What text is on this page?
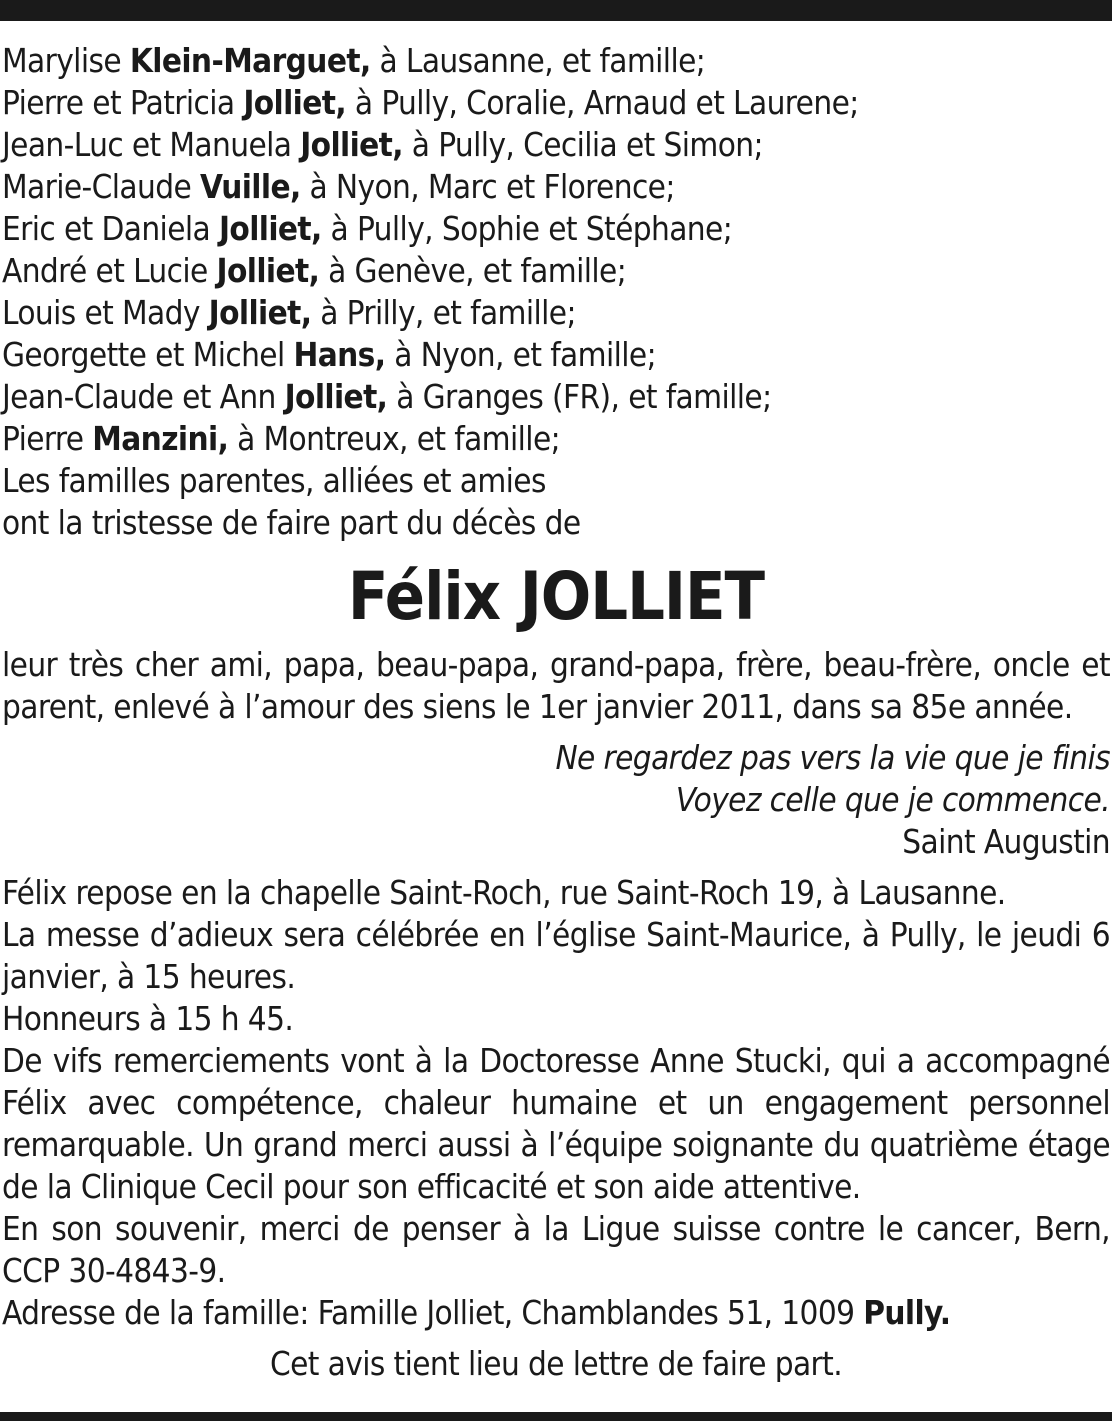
Marylise Klein-Marguet, à Lausanne, et famille;

Pierre et Patricia Jolliet, à Pully, Coralie, Arnaud et Laurene;

Jean-Luc et Manuela Jolliet, à Pully, Cecilia et Simon;

Marie-Claude Vuille, à Nyon, Marc et Florence;

Eric et Daniela Jolliet, à Pully, Sophie et Stéphane;

André et Lucie Jolliet, à Genève, et famille;

Louis et Mady Jolliet, à Prilly, et famille;

Georgette et Michel Hans, à Nyon, et famille;

Jean-Claude et Ann Jolliet, à Granges (FR), et famille;

Pierre Manzini, à Montreux, et famille;

Les familles parentes, alliées et amies

ont la tristesse de faire part du décès de

Félix JOLLIET

leur très cher ami, papa, beau-papa, grand-papa, frère, beau-frère, oncle et parent, enlevé à l’amour des siens le 1er janvier 2011, dans sa 85e année.

Ne regardez pas vers la vie que je finis

Voyez celle que je commence.

Saint Augustin

Félix repose en la chapelle Saint-Roch, rue Saint-Roch 19, à Lausanne.

La messe d’adieux sera célébrée en l’église Saint-Maurice, à Pully, le jeudi 6 janvier, à 15 heures.

Honneurs à 15 h 45.

De vifs remerciements vont à la Doctoresse Anne Stucki, qui a accompagné Félix avec compétence, chaleur humaine et un engagement personnel remarquable. Un grand merci aussi à l’équipe soignante du quatrième étage de la Clinique Cecil pour son efficacité et son aide attentive.

En son souvenir, merci de penser à la Ligue suisse contre le cancer, Bern, CCP 30-4843-9.

Adresse de la famille: Famille Jolliet, Chamblandes 51, 1009 Pully.

Cet avis tient lieu de lettre de faire part.
